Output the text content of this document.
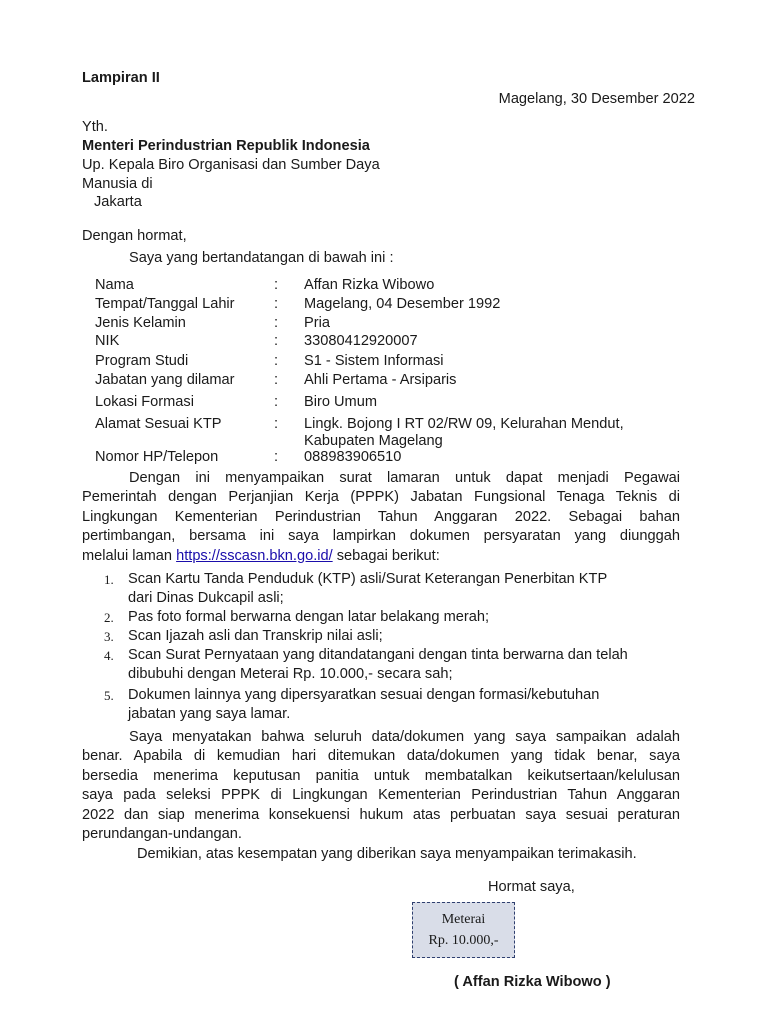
Lampiran II

Magelang, 30 Desember 2022

Yth.

Menteri Perindustrian Republik Indonesia

Up. Kepala Biro Organisasi dan Sumber Daya

Manusia di

Jakarta

Dengan hormat,

Saya yang bertandatangan di bawah ini :

Nama	: Affan Rizka Wibowo
Tempat/Tanggal Lahir	: Magelang, 04 Desember 1992
Jenis Kelamin	: Pria
NIK	: 33080412920007
Program Studi	: S1 - Sistem Informasi
Jabatan yang dilamar	: Ahli Pertama - Arsiparis
Lokasi Formasi	: Biro Umum
Alamat Sesuai KTP	: Lingk. Bojong I RT 02/RW 09, Kelurahan Mendut,
Kabupaten Magelang
Nomor HP/Telepon	: 088983906510
Dengan ini menyampaikan surat lamaran untuk dapat menjadi Pegawai
Pemerintah dengan Perjanjian Kerja (PPPK) Jabatan Fungsional Tenaga Teknis di
Lingkungan Kementerian Perindustrian Tahun Anggaran 2022. Sebagai bahan
pertimbangan, bersama ini saya lampirkan dokumen persyaratan yang diunggah
melalui laman https://sscasn.bkn.go.id/ sebagai berikut:
1. Scan Kartu Tanda Penduduk (KTP) asli/Surat Keterangan Penerbitan KTP
dari Dinas Dukcapil asli;
2. Pas foto formal berwarna dengan latar belakang merah;
3. Scan Ijazah asli dan Transkrip nilai asli;
4. Scan Surat Pernyataan yang ditandatangani dengan tinta berwarna dan telah
dibubuhi dengan Meterai Rp. 10.000,- secara sah;
5. Dokumen lainnya yang dipersyaratkan sesuai dengan formasi/kebutuhan
jabatan yang saya lamar.
Saya menyatakan bahwa seluruh data/dokumen yang saya sampaikan adalah
benar. Apabila di kemudian hari ditemukan data/dokumen yang tidak benar, saya
bersedia menerima keputusan panitia untuk membatalkan keikutsertaan/kelulusan
saya pada seleksi PPPK di Lingkungan Kementerian Perindustrian Tahun Anggaran
2022 dan siap menerima konsekuensi hukum atas perbuatan saya sesuai peraturan
perundangan-undangan.

Demikian, atas kesempatan yang diberikan saya menyampaikan terimakasih.

Hormat saya,

Meterai
Rp. 10.000,-

( Affan Rizka Wibowo )
